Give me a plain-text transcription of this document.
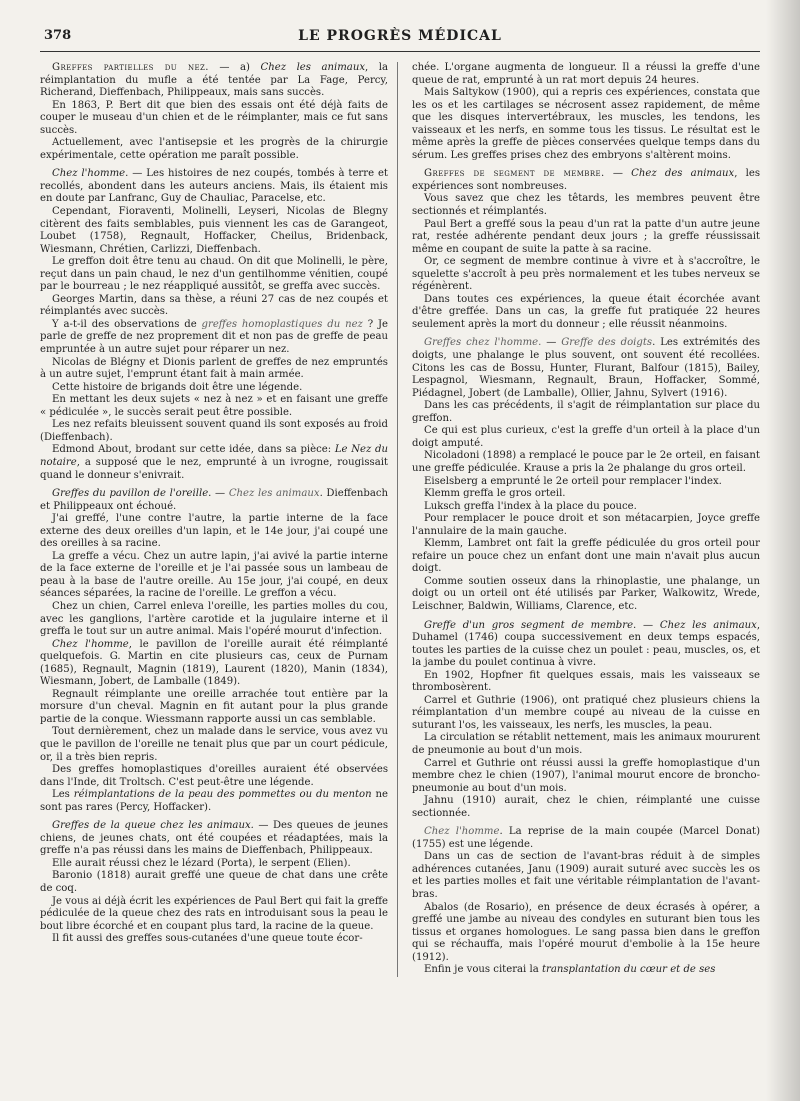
378	LE PROGRÈS MÉDICAL

Greffes partielles du nez. — a) Chez les animaux, la réimplantation du mufle a été tentée par La Fage, Percy, Richerand, Dieffenbach, Philippeaux, mais sans succès.

En 1863, P. Bert dit que bien des essais ont été déjà faits de couper le museau d'un chien et de le réimplanter, mais ce fut sans succès.

Actuellement, avec l'antisepsie et les progrès de la chirurgie expérimentale, cette opération me paraît possible.

Chez l'homme. — Les histoires de nez coupés, tombés à terre et recollés, abondent dans les auteurs anciens. Mais, ils étaient mis en doute par Lanfranc, Guy de Chauliac, Paracelse, etc.

Cependant, Fioraventi, Molinelli, Leyseri, Nicolas de Blegny citèrent des faits semblables, puis viennent les cas de Garangeot, Loubet (1758), Regnault, Hoffacker, Cheilus, Bridenback, Wiesmann, Chrétien, Carlizzi, Dieffenbach.

Le greffon doit être tenu au chaud. On dit que Molinelli, le père, reçut dans un pain chaud, le nez d'un gentilhomme vénitien, coupé par le bourreau ; le nez réappliqué aussitôt, se greffa avec succès.

Georges Martin, dans sa thèse, a réuni 27 cas de nez coupés et réimplantés avec succès.

Y a-t-il des observations de greffes homoplastiques du nez ? Je parle de greffe de nez proprement dit et non pas de greffe de peau empruntée à un autre sujet pour réparer un nez.

Nicolas de Blégny et Dionis parlent de greffes de nez empruntés à un autre sujet, l'emprunt étant fait à main armée.

Cette histoire de brigands doit être une légende.

En mettant les deux sujets « nez à nez » et en faisant une greffe « pédiculée », le succès serait peut être possible.

Les nez refaits bleuissent souvent quand ils sont exposés au froid (Dieffenbach).

Edmond About, brodant sur cette idée, dans sa pièce: Le Nez du notaire, a supposé que le nez, emprunté à un ivrogne, rougissait quand le donneur s'enivrait.

Greffes du pavillon de l'oreille. — Chez les animaux. Dieffenbach et Philippeaux ont échoué.

J'ai greffé, l'une contre l'autre, la partie interne de la face externe des deux oreilles d'un lapin, et le 14e jour, j'ai coupé une des oreilles à sa racine.

La greffe a vécu. Chez un autre lapin, j'ai avivé la partie interne de la face externe de l'oreille et je l'ai passée sous un lambeau de peau à la base de l'autre oreille. Au 15e jour, j'ai coupé, en deux séances séparées, la racine de l'oreille. Le greffon a vécu.

Chez un chien, Carrel enleva l'oreille, les parties molles du cou, avec les ganglions, l'artère carotide et la jugulaire interne et il greffa le tout sur un autre animal. Mais l'opéré mourut d'infection.

Chez l'homme, le pavillon de l'oreille aurait été réimplanté quelquefois. G. Martin en cite plusieurs cas, ceux de Purnam (1685), Regnault, Magnin (1819), Laurent (1820), Manin (1834), Wiesmann, Jobert, de Lamballe (1849).

Regnault réimplante une oreille arrachée tout entière par la morsure d'un cheval. Magnin en fit autant pour la plus grande partie de la conque. Wiessmann rapporte aussi un cas semblable.

Tout dernièrement, chez un malade dans le service, vous avez vu que le pavillon de l'oreille ne tenait plus que par un court pédicule, or, il a très bien repris.

Des greffes homoplastiques d'oreilles auraient été observées dans l'Inde, dit Troltsch. C'est peut-être une légende.

Les réimplantations de la peau des pommettes ou du menton ne sont pas rares (Percy, Hoffacker).

Greffes de la queue chez les animaux. — Des queues de jeunes chiens, de jeunes chats, ont été coupées et réadaptées, mais la greffe n'a pas réussi dans les mains de Dieffenbach, Philippeaux.

Elle aurait réussi chez le lézard (Porta), le serpent (Elien).

Baronio (1818) aurait greffé une queue de chat dans une crête de coq.

Je vous ai déjà écrit les expériences de Paul Bert qui fait la greffe pédiculée de la queue chez des rats en introduisant sous la peau le bout libre écorché et en coupant plus tard, la racine de la queue.

Il fit aussi des greffes sous-cutanées d'une queue toute écor-

chée. L'organe augmenta de longueur. Il a réussi la greffe d'une queue de rat, emprunté à un rat mort depuis 24 heures.

Mais Saltykow (1900), qui a repris ces expériences, constata que les os et les cartilages se nécrosent assez rapidement, de même que les disques intervertébraux, les muscles, les tendons, les vaisseaux et les nerfs, en somme tous les tissus. Le résultat est le même après la greffe de pièces conservées quelque temps dans du sérum. Les greffes prises chez des embryons s'altèrent moins.

Greffes de segment de membre. — Chez des animaux, les expériences sont nombreuses.

Vous savez que chez les têtards, les membres peuvent être sectionnés et réimplantés.

Paul Bert a greffé sous la peau d'un rat la patte d'un autre jeune rat, restée adhérente pendant deux jours ; la greffe réussissait même en coupant de suite la patte à sa racine.

Or, ce segment de membre continue à vivre et à s'accroître, le squelette s'accroît à peu près normalement et les tubes nerveux se régénèrent.

Dans toutes ces expériences, la queue était écorchée avant d'être greffée. Dans un cas, la greffe fut pratiquée 22 heures seulement après la mort du donneur ; elle réussit néanmoins.

Greffes chez l'homme. — Greffe des doigts. Les extrémités des doigts, une phalange le plus souvent, ont souvent été recollées. Citons les cas de Bossu, Hunter, Flurant, Balfour (1815), Bailey, Lespagnol, Wiesmann, Regnault, Braun, Hoffacker, Sommé, Piédagnel, Jobert (de Lamballe), Ollier, Jahnu, Sylvert (1916).

Dans les cas précédents, il s'agit de réimplantation sur place du greffon.

Ce qui est plus curieux, c'est la greffe d'un orteil à la place d'un doigt amputé.

Nicoladoni (1898) a remplacé le pouce par le 2e orteil, en faisant une greffe pédiculée. Krause a pris la 2e phalange du gros orteil.

Eiselsberg a emprunté le 2e orteil pour remplacer l'index.

Klemm greffa le gros orteil.

Luksch greffa l'index à la place du pouce.

Pour remplacer le pouce droit et son métacarpien, Joyce greffe l'annulaire de la main gauche.

Klemm, Lambret ont fait la greffe pédiculée du gros orteil pour refaire un pouce chez un enfant dont une main n'avait plus aucun doigt.

Comme soutien osseux dans la rhinoplastie, une phalange, un doigt ou un orteil ont été utilisés par Parker, Walkowitz, Wrede, Leischner, Baldwin, Williams, Clarence, etc.

Greffe d'un gros segment de membre. — Chez les animaux, Duhamel (1746) coupa successivement en deux temps espacés, toutes les parties de la cuisse chez un poulet : peau, muscles, os, et la jambe du poulet continua à vivre.

En 1902, Hopfner fit quelques essais, mais les vaisseaux se thrombosèrent.

Carrel et Guthrie (1906), ont pratiqué chez plusieurs chiens la réimplantation d'un membre coupé au niveau de la cuisse en suturant l'os, les vaisseaux, les nerfs, les muscles, la peau.

La circulation se rétablit nettement, mais les animaux moururent de pneumonie au bout d'un mois.

Carrel et Guthrie ont réussi aussi la greffe homoplastique d'un membre chez le chien (1907), l'animal mourut encore de broncho-pneumonie au bout d'un mois.

Jahnu (1910) aurait, chez le chien, réimplanté une cuisse sectionnée.

Chez l'homme. La reprise de la main coupée (Marcel Donat) (1755) est une légende.

Dans un cas de section de l'avant-bras réduit à de simples adhérences cutanées, Janu (1909) aurait suturé avec succès les os et les parties molles et fait une véritable réimplantation de l'avant-bras.

Abalos (de Rosario), en présence de deux écrasés à opérer, a greffé une jambe au niveau des condyles en suturant bien tous les tissus et organes homologues. Le sang passa bien dans le greffon qui se réchauffa, mais l'opéré mourut d'embolie à la 15e heure (1912).

Enfin je vous citerai la transplantation du cœur et de ses
